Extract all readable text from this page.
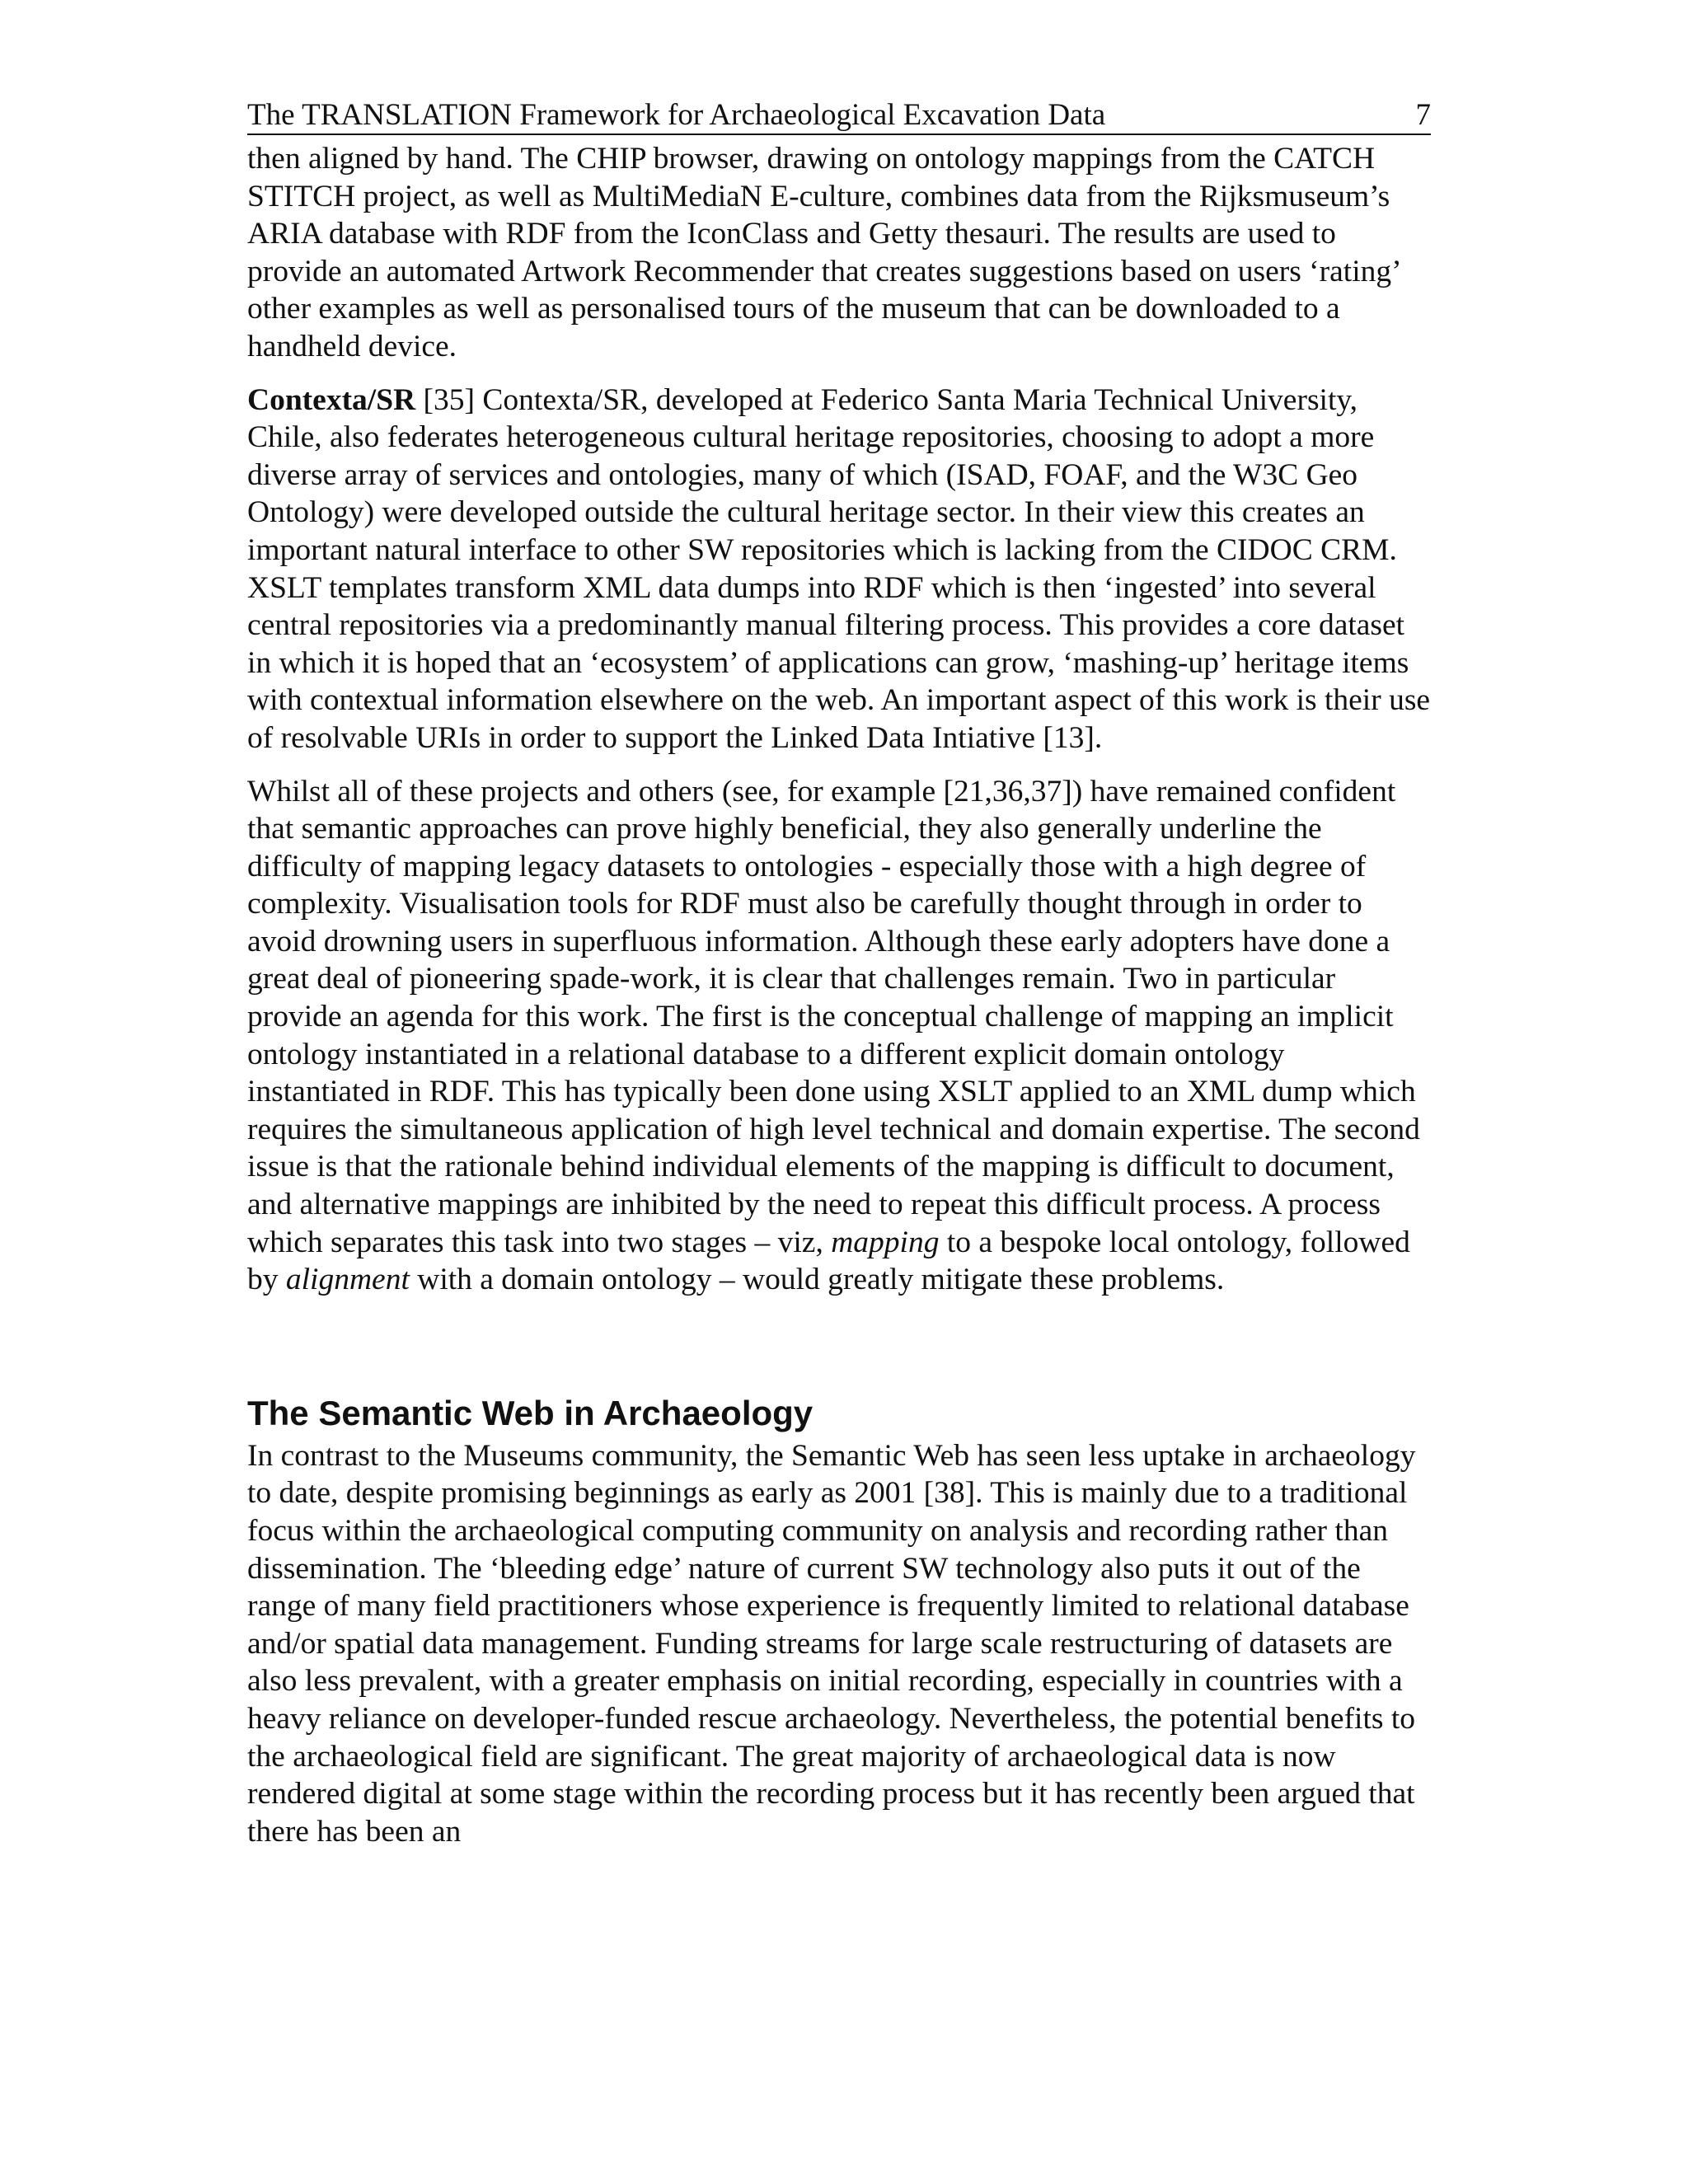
The TRANSLATION Framework for Archaeological Excavation Data	7

then aligned by hand. The CHIP browser, drawing on ontology mappings from the CATCH STITCH project, as well as MultiMediaN E-culture, combines data from the Rijksmuseum’s ARIA database with RDF from the IconClass and Getty thesauri. The results are used to provide an automated Artwork Recommender that creates suggestions based on users ‘rating’ other examples as well as personalised tours of the museum that can be downloaded to a handheld device.

Contexta/SR [35] Contexta/SR, developed at Federico Santa Maria Technical University, Chile, also federates heterogeneous cultural heritage repositories, choosing to adopt a more diverse array of services and ontologies, many of which (ISAD, FOAF, and the W3C Geo Ontology) were developed outside the cultural heritage sector. In their view this creates an important natural interface to other SW repositories which is lacking from the CIDOC CRM. XSLT templates transform XML data dumps into RDF which is then ‘ingested’ into several central repositories via a predominantly manual filtering process. This provides a core dataset in which it is hoped that an ‘ecosystem’ of applications can grow, ‘mashing-up’ heritage items with contextual information elsewhere on the web. An important aspect of this work is their use of resolvable URIs in order to support the Linked Data Intiative [13].

Whilst all of these projects and others (see, for example [21,36,37]) have remained confident that semantic approaches can prove highly beneficial, they also generally underline the difficulty of mapping legacy datasets to ontologies - especially those with a high degree of complexity. Visualisation tools for RDF must also be carefully thought through in order to avoid drowning users in superfluous information. Although these early adopters have done a great deal of pioneering spade-work, it is clear that challenges remain. Two in particular provide an agenda for this work. The first is the conceptual challenge of mapping an implicit ontology instantiated in a relational database to a different explicit domain ontology instantiated in RDF. This has typically been done using XSLT applied to an XML dump which requires the simultaneous application of high level technical and domain expertise. The second issue is that the rationale behind individual elements of the mapping is difficult to document, and alternative mappings are inhibited by the need to repeat this difficult process. A process which separates this task into two stages – viz, mapping to a bespoke local ontology, followed by alignment with a domain ontology – would greatly mitigate these problems.

The Semantic Web in Archaeology

In contrast to the Museums community, the Semantic Web has seen less uptake in archaeology to date, despite promising beginnings as early as 2001 [38]. This is mainly due to a traditional focus within the archaeological computing community on analysis and recording rather than dissemination. The ‘bleeding edge’ nature of current SW technology also puts it out of the range of many field practitioners whose experience is frequently limited to relational database and/or spatial data management. Funding streams for large scale restructuring of datasets are also less prevalent, with a greater emphasis on initial recording, especially in countries with a heavy reliance on developer-funded rescue archaeology. Nevertheless, the potential benefits to the archaeological field are significant. The great majority of archaeological data is now rendered digital at some stage within the recording process but it has recently been argued that there has been an
